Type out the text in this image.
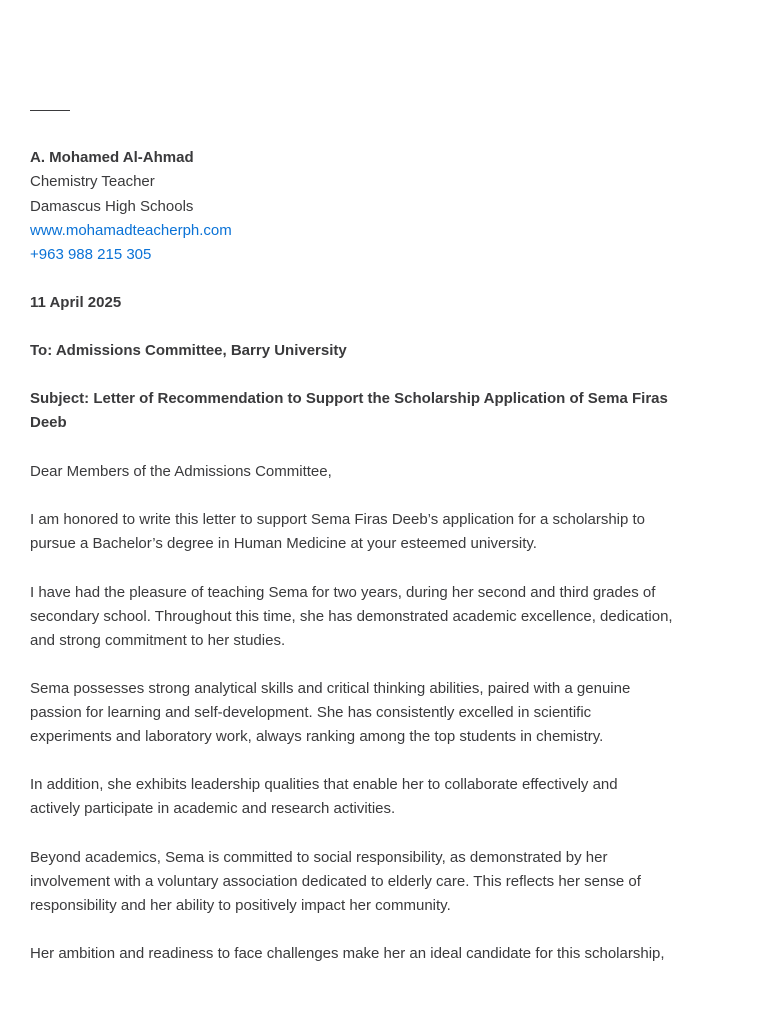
A. Mohamed Al-Ahmad

Chemistry Teacher

Damascus High Schools

www.mohamadteacherph.com
+963 988 215 305

11 April 2025

To: Admissions Committee, Barry University

Subject: Letter of Recommendation to Support the Scholarship Application of Sema Firas

Deeb

Dear Members of the Admissions Committee,

I am honored to write this letter to support Sema Firas Deeb’s application for a scholarship to

pursue a Bachelor’s degree in Human Medicine at your esteemed university.

I have had the pleasure of teaching Sema for two years, during her second and third grades of

secondary school. Throughout this time, she has demonstrated academic excellence, dedication,

and strong commitment to her studies.

Sema possesses strong analytical skills and critical thinking abilities, paired with a genuine

passion for learning and self-development. She has consistently excelled in scientific

experiments and laboratory work, always ranking among the top students in chemistry.

In addition, she exhibits leadership qualities that enable her to collaborate effectively and

actively participate in academic and research activities.

Beyond academics, Sema is committed to social responsibility, as demonstrated by her

involvement with a voluntary association dedicated to elderly care. This reflects her sense of

responsibility and her ability to positively impact her community.

Her ambition and readiness to face challenges make her an ideal candidate for this scholarship,
